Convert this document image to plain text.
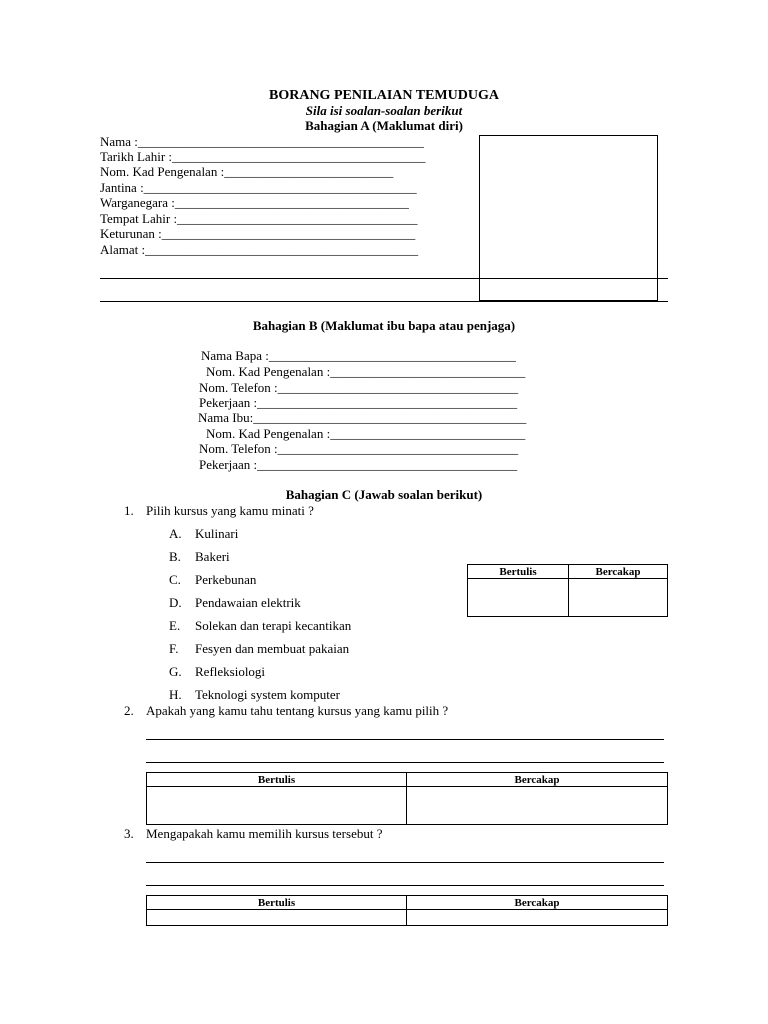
BORANG PENILAIAN TEMUDUGA
Sila isi soalan-soalan berikut
Bahagian A (Maklumat diri)
Nama :____________________________________________
Tarikh Lahir :_______________________________________
Nom. Kad Pengenalan :__________________________
Jantina :__________________________________________
Warganegara :____________________________________
Tempat Lahir :_____________________________________
Keturunan :_______________________________________
Alamat :__________________________________________
Bahagian B (Maklumat ibu bapa atau penjaga)
Nama Bapa :______________________________________
Nom. Kad Pengenalan :______________________________
Nom. Telefon :_____________________________________
Pekerjaan :________________________________________
Nama Ibu:__________________________________________
Nom. Kad Pengenalan :______________________________
Nom. Telefon :_____________________________________
Pekerjaan :________________________________________
Bahagian C (Jawab soalan berikut)
1. Pilih kursus yang kamu minati ?
A. Kulinari
B. Bakeri
C. Perkebunan
D. Pendawaian elektrik
E. Solekan dan terapi kecantikan
F. Fesyen dan membuat pakaian
G. Refleksiologi
H. Teknologi system komputer
Bertulis	Bercakap

2. Apakah yang kamu tahu tentang kursus yang kamu pilih ?
Bertulis	Bercakap

3. Mengapakah kamu memilih kursus tersebut ?
Bertulis	Bercakap
